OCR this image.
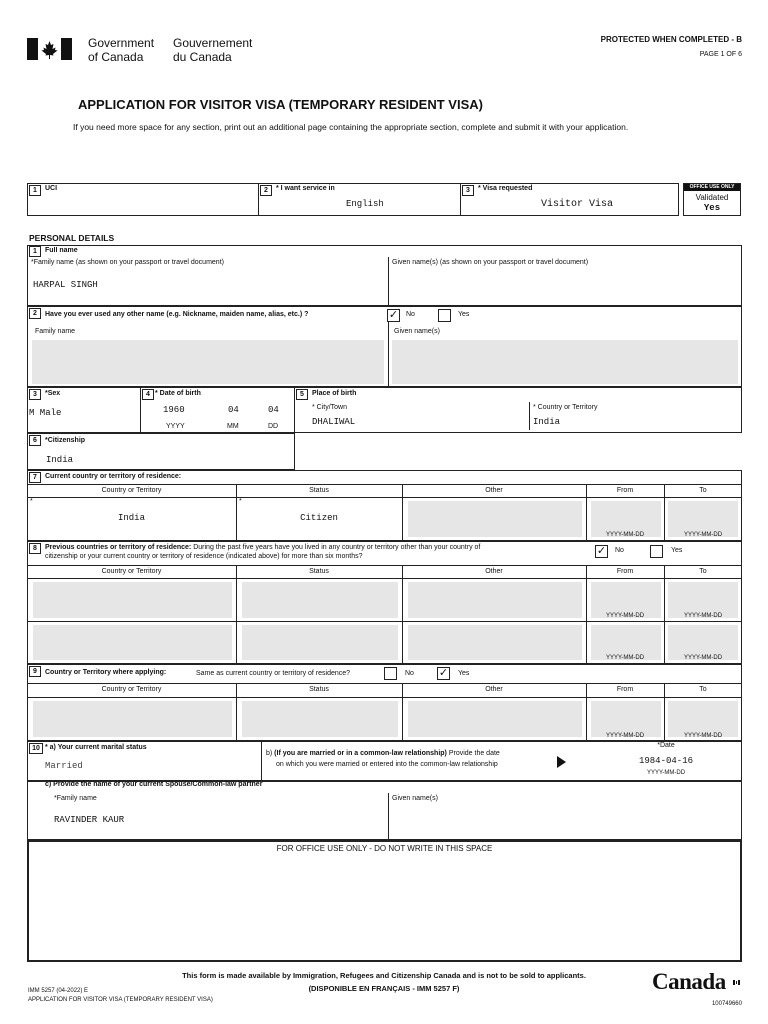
Government
of Canada
Gouvernement
du Canada
PROTECTED WHEN COMPLETED - B
PAGE 1 OF 6
APPLICATION FOR VISITOR VISA (TEMPORARY RESIDENT VISA)
If you need more space for any section, print out an additional page containing the appropriate section, complete and submit it with your application.
1	UCI	2	* I want service in
English
3	* Visa requested
Visitor Visa
OFFICE USE ONLY
Validated
Yes
PERSONAL DETAILS
1	Full name
*Family name (as shown on your passport or travel document)	Given name(s) (as shown on your passport or travel document)
HARPAL SINGH
2	Have you ever used any other name (e.g. Nickname, maiden name, alias, etc.) ?	✓ No	Yes
Family name	Given name(s)
3	*Sex
M Male
4 * Date of birth
1960	04	04
YYYY	MM	DD
5	Place of birth
* City/Town
DHALIWAL
* Country or Territory
India
6	*Citizenship
India
7	Current country or territory of residence:
Country or Territory	Status	Other	From	To
*	*
India	Citizen
YYYY-MM-DD	YYYY-MM-DD
8	Previous countries or territory of residence: During the past five years have you lived in any country or territory other than your country of
citizenship or your current country or territory of residence (indicated above) for more than six months?	✓ No	Yes
Country or Territory	Status	Other	From	To
YYYY-MM-DD	YYYY-MM-DD
YYYY-MM-DD	YYYY-MM-DD
9	Country or Territory where applying:	Same as current country or territory of residence?	No ✓ Yes
Country or Territory	Status	Other	From	To
YYYY-MM-DD	YYYY-MM-DD
10 * a) Your current marital status
Married
b) (If you are married or in a common-law relationship) Provide the date
on which you were married or entered into the common-law relationship
*Date
1984-04-16
YYYY-MM-DD
c) Provide the name of your current Spouse/Common-law partner
*Family name	Given name(s)
RAVINDER KAUR
FOR OFFICE USE ONLY - DO NOT WRITE IN THIS SPACE
This form is made available by Immigration, Refugees and Citizenship Canada and is not to be sold to applicants.
(DISPONIBLE EN FRANÇAIS - IMM 5257 F)
IMM 5257 (04-2022) E
APPLICATION FOR VISITOR VISA (TEMPORARY RESIDENT VISA)
Canada
100749660
